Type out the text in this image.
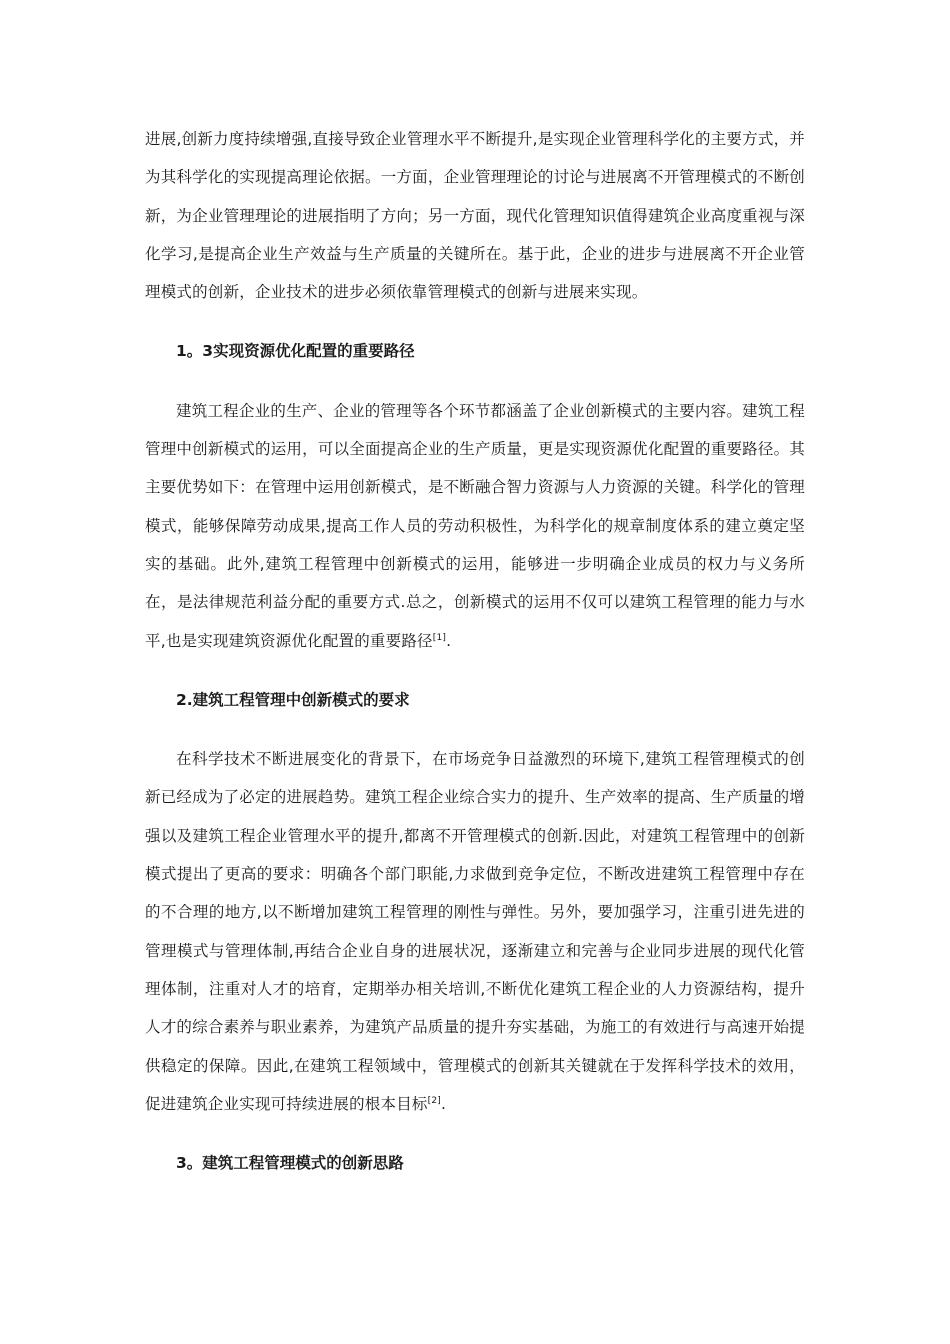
进展,创新力度持续增强,直接导致企业管理水平不断提升,是实现企业管理科学化的主要方式，并为其科学化的实现提高理论依据。一方面，企业管理理论的讨论与进展离不开管理模式的不断创新，为企业管理理论的进展指明了方向；另一方面，现代化管理知识值得建筑企业高度重视与深化学习,是提高企业生产效益与生产质量的关键所在。基于此，企业的进步与进展离不开企业管理模式的创新，企业技术的进步必须依靠管理模式的创新与进展来实现。

1。3实现资源优化配置的重要路径

建筑工程企业的生产、企业的管理等各个环节都涵盖了企业创新模式的主要内容。建筑工程管理中创新模式的运用，可以全面提高企业的生产质量，更是实现资源优化配置的重要路径。其主要优势如下：在管理中运用创新模式，是不断融合智力资源与人力资源的关键。科学化的管理模式，能够保障劳动成果,提高工作人员的劳动积极性，为科学化的规章制度体系的建立奠定坚实的基础。此外,建筑工程管理中创新模式的运用，能够进一步明确企业成员的权力与义务所在，是法律规范利益分配的重要方式.总之，创新模式的运用不仅可以建筑工程管理的能力与水平,也是实现建筑资源优化配置的重要路径[1].

2.建筑工程管理中创新模式的要求

在科学技术不断进展变化的背景下，在市场竞争日益激烈的环境下,建筑工程管理模式的创新已经成为了必定的进展趋势。建筑工程企业综合实力的提升、生产效率的提高、生产质量的增强以及建筑工程企业管理水平的提升,都离不开管理模式的创新.因此，对建筑工程管理中的创新模式提出了更高的要求：明确各个部门职能,力求做到竞争定位，不断改进建筑工程管理中存在的不合理的地方,以不断增加建筑工程管理的刚性与弹性。另外，要加强学习，注重引进先进的管理模式与管理体制,再结合企业自身的进展状况，逐渐建立和完善与企业同步进展的现代化管理体制，注重对人才的培育，定期举办相关培训,不断优化建筑工程企业的人力资源结构，提升人才的综合素养与职业素养，为建筑产品质量的提升夯实基础，为施工的有效进行与高速开始提供稳定的保障。因此,在建筑工程领域中，管理模式的创新其关键就在于发挥科学技术的效用，促进建筑企业实现可持续进展的根本目标[2].

3。建筑工程管理模式的创新思路
